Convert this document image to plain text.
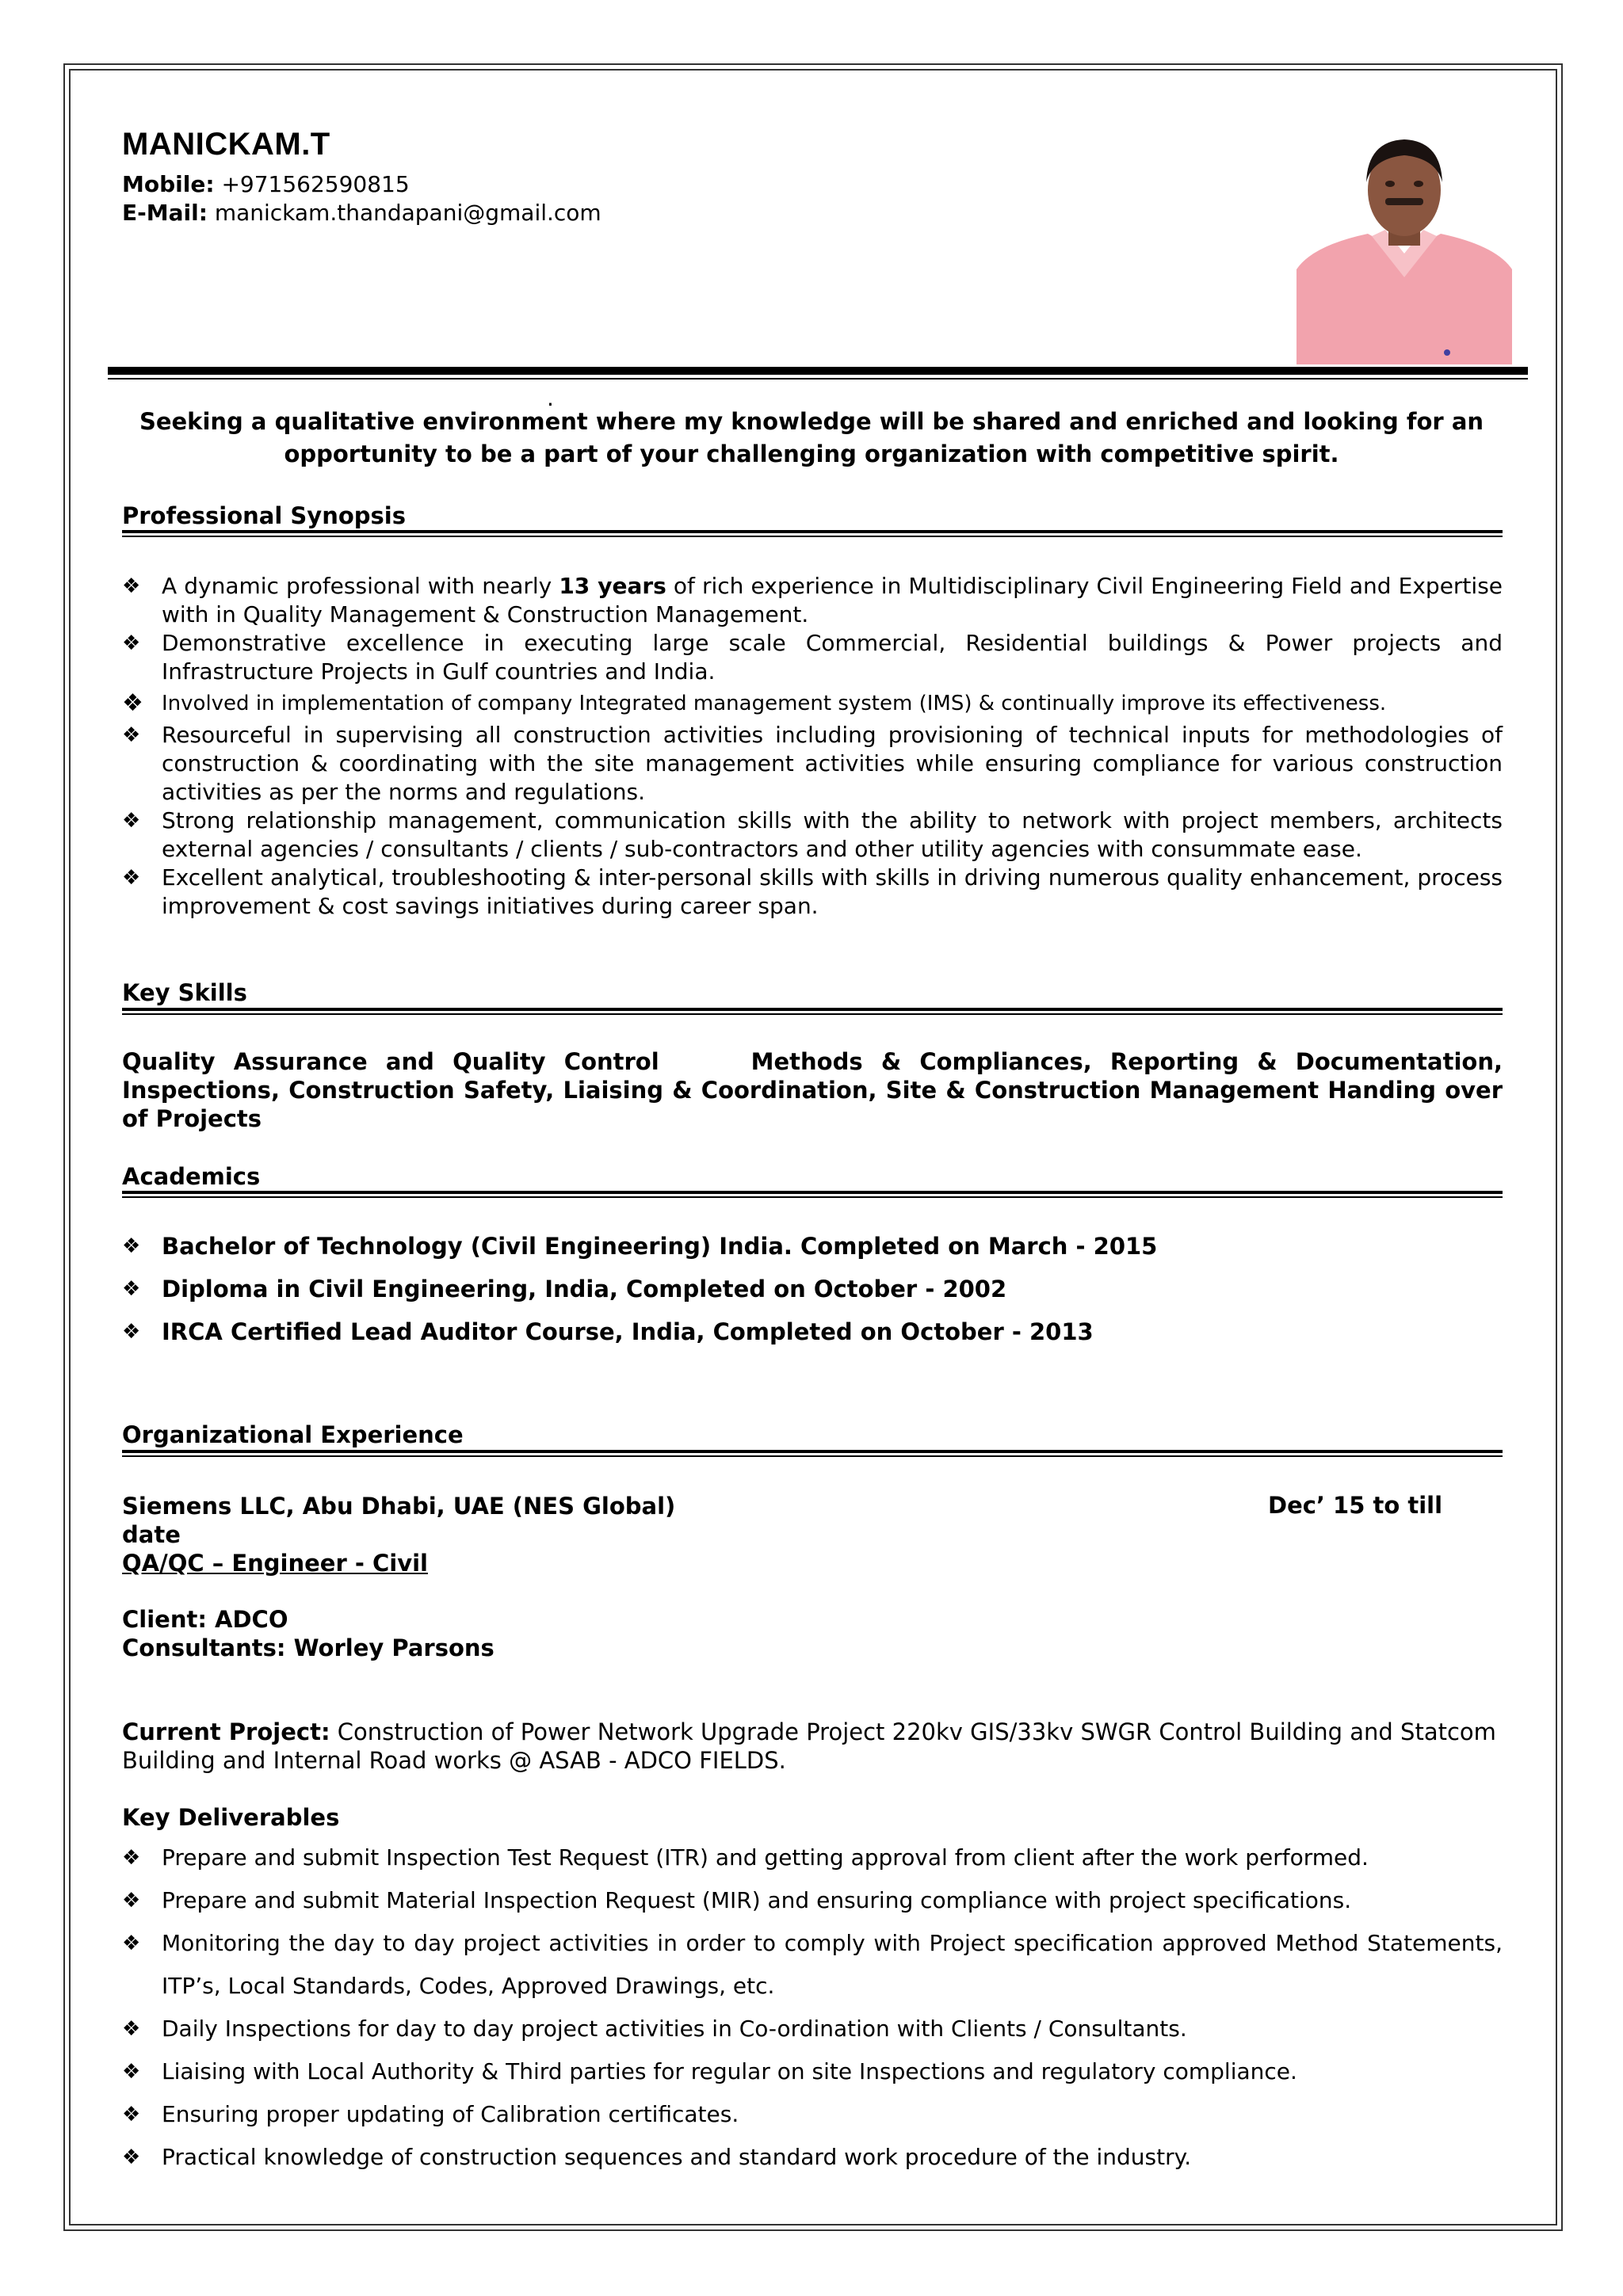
MANICKAM.T
Mobile: +971562590815
E-Mail: manickam.thandapani@gmail.com
.
Seeking a qualitative environment where my knowledge will be shared and enriched and looking for an opportunity to be a part of your challenging organization with competitive spirit.
Professional Synopsis
❖ A dynamic professional with nearly 13 years of rich experience in Multidisciplinary Civil Engineering Field and Expertise with in Quality Management & Construction Management.
❖ Demonstrative excellence in executing large scale Commercial, Residential buildings & Power projects and Infrastructure Projects in Gulf countries and India.
❖ Involved in implementation of company Integrated management system (IMS) & continually improve its effectiveness.
❖ Resourceful in supervising all construction activities including provisioning of technical inputs for methodologies of construction & coordinating with the site management activities while ensuring compliance for various construction activities as per the norms and regulations.
❖ Strong relationship management, communication skills with the ability to network with project members, architects external agencies / consultants / clients / sub-contractors and other utility agencies with consummate ease.
❖ Excellent analytical, troubleshooting & inter-personal skills with skills in driving numerous quality enhancement, process improvement & cost savings initiatives during career span.
Key Skills
Quality Assurance and Quality Control     Methods & Compliances, Reporting & Documentation, Inspections, Construction Safety, Liaising & Coordination, Site & Construction Management Handing over of Projects
Academics
❖ Bachelor of Technology (Civil Engineering) India. Completed on March - 2015
❖ Diploma in Civil Engineering, India, Completed on October - 2002
❖ IRCA Certified Lead Auditor Course, India, Completed on October - 2013
Organizational Experience
Siemens LLC, Abu Dhabi, UAE (NES Global)	Dec’ 15 to till
date
QA/QC – Engineer - Civil
Client: ADCO
Consultants: Worley Parsons
Current Project: Construction of Power Network Upgrade Project 220kv GIS/33kv SWGR Control Building and Statcom Building and Internal Road works @ ASAB - ADCO FIELDS.
Key Deliverables
❖ Prepare and submit Inspection Test Request (ITR) and getting approval from client after the work performed.
❖ Prepare and submit Material Inspection Request (MIR) and ensuring compliance with project specifications.
❖ Monitoring the day to day project activities in order to comply with Project specification approved Method Statements, ITP’s, Local Standards, Codes, Approved Drawings, etc.
❖ Daily Inspections for day to day project activities in Co-ordination with Clients / Consultants.
❖ Liaising with Local Authority & Third parties for regular on site Inspections and regulatory compliance.
❖ Ensuring proper updating of Calibration certificates.
❖ Practical knowledge of construction sequences and standard work procedure of the industry.
